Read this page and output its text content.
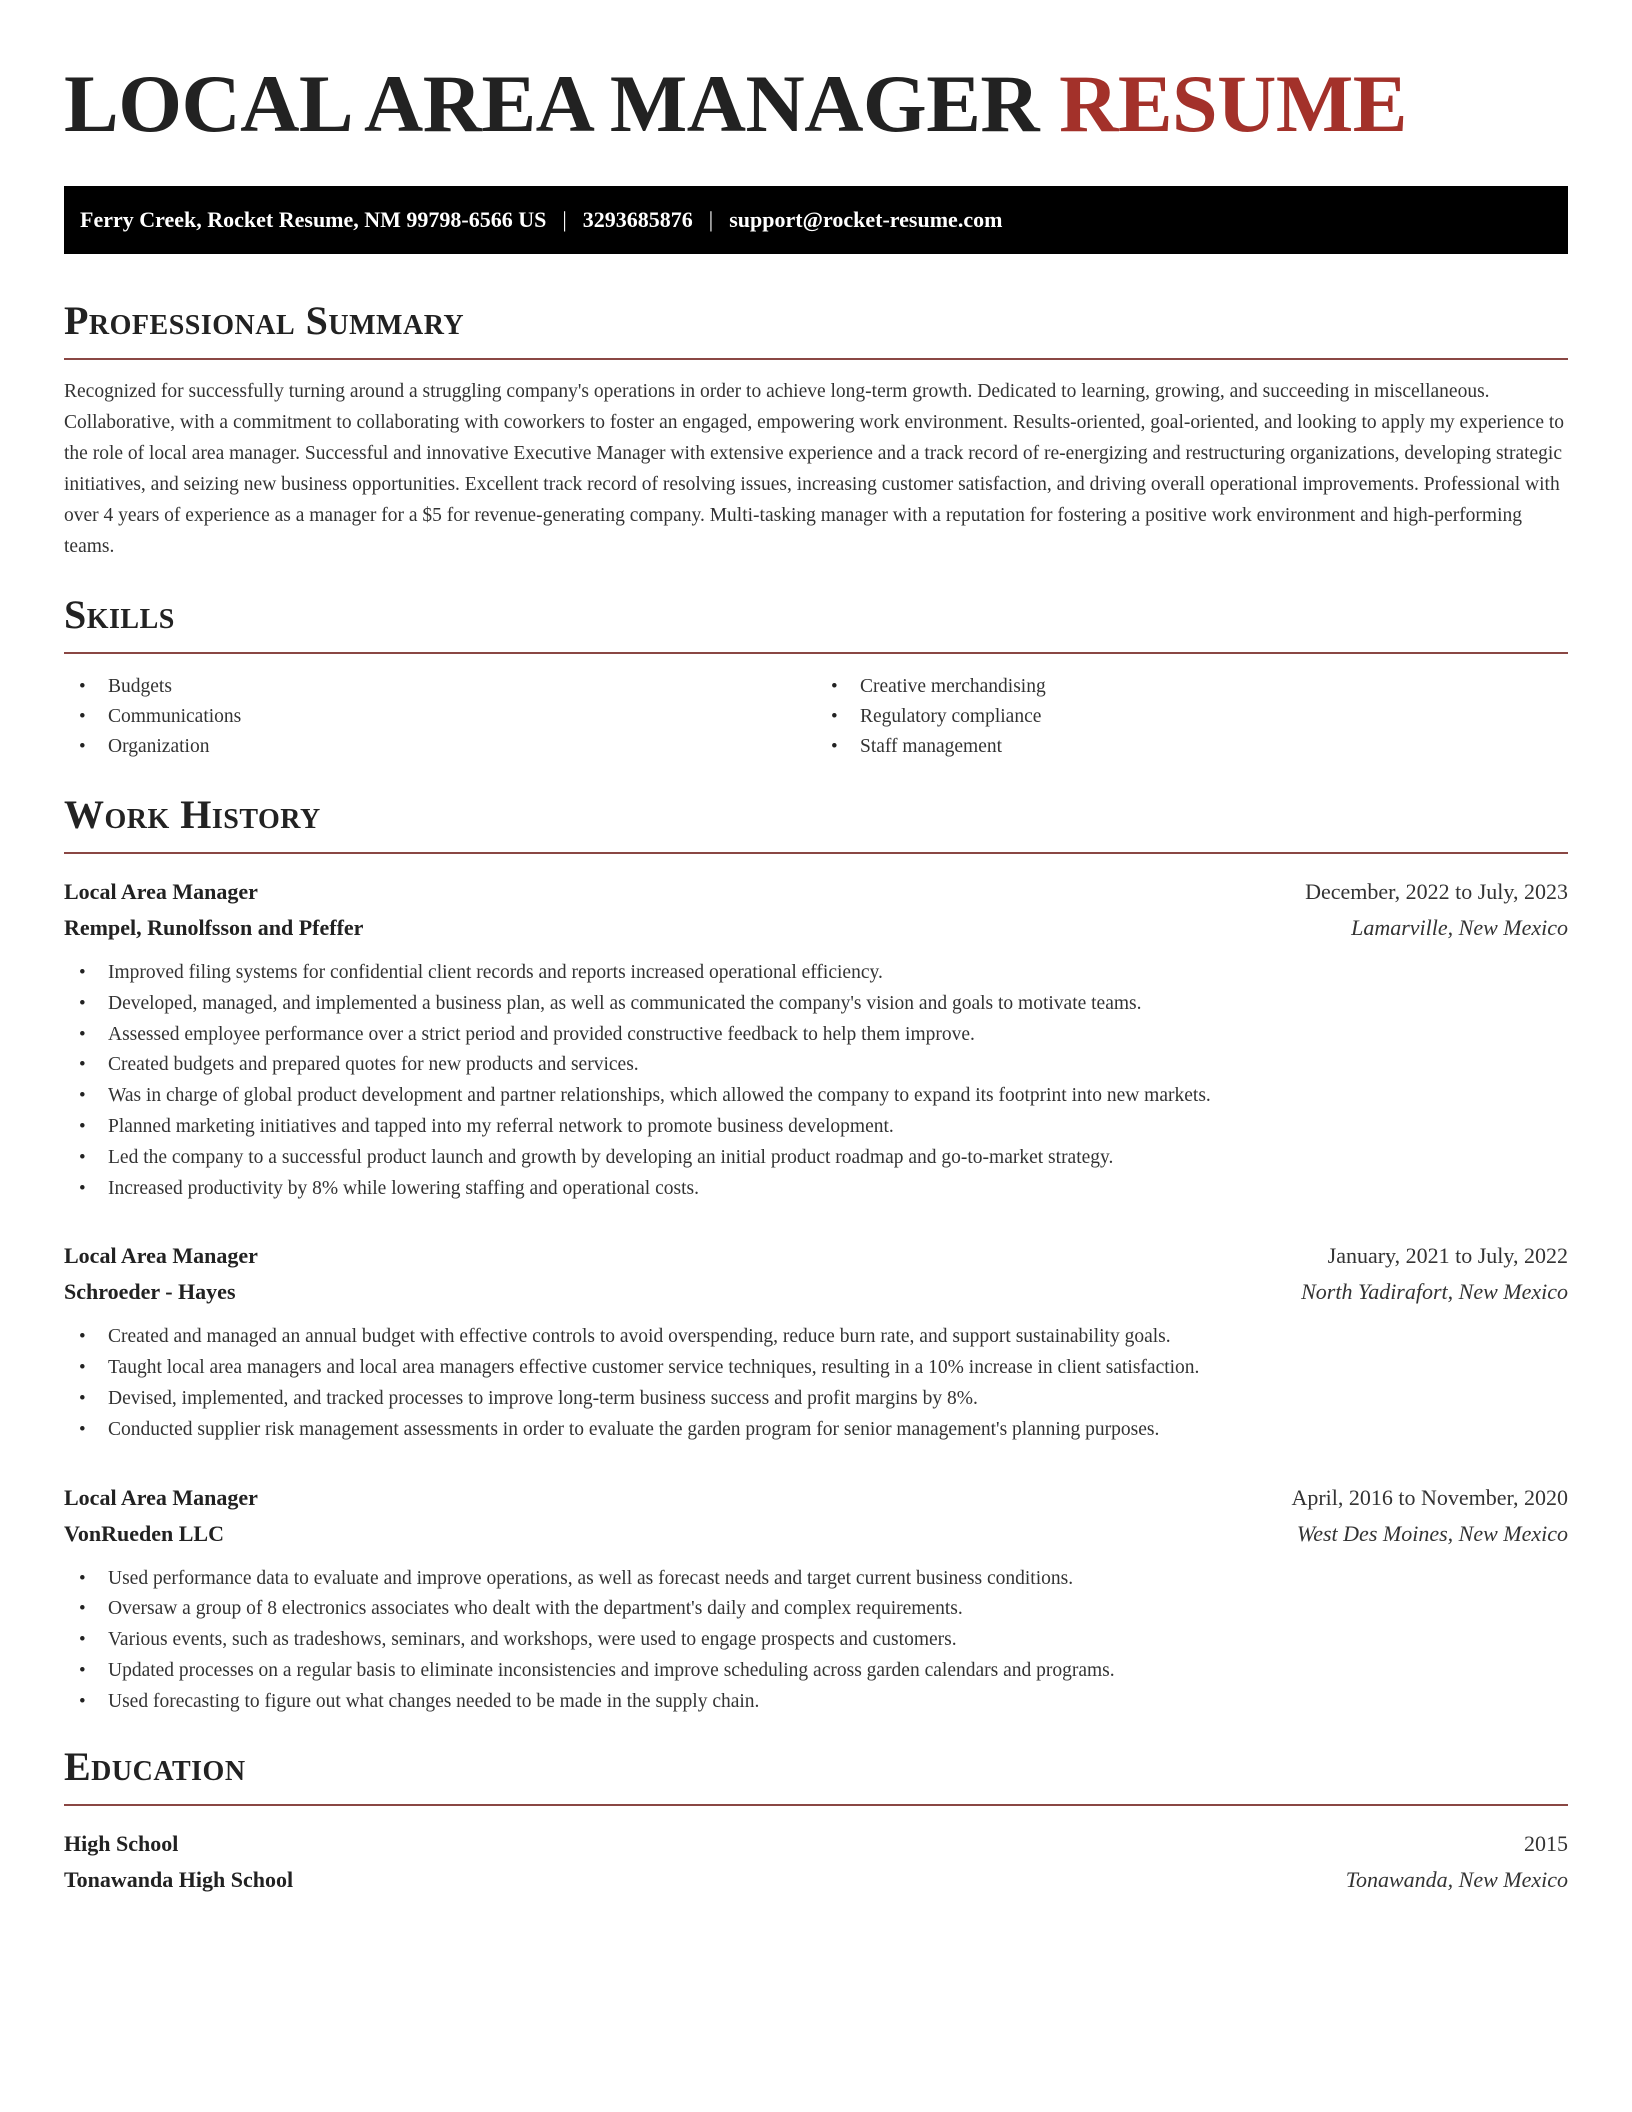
LOCAL AREA MANAGER RESUME
Ferry Creek, Rocket Resume, NM 99798-6566 US | 3293685876 | support@rocket-resume.com
Professional Summary

Recognized for successfully turning around a struggling company's operations in order to achieve long-term growth. Dedicated to learning, growing, and succeeding in miscellaneous. Collaborative, with a commitment to collaborating with coworkers to foster an engaged, empowering work environment. Results-oriented, goal-oriented, and looking to apply my experience to the role of local area manager. Successful and innovative Executive Manager with extensive experience and a track record of re-energizing and restructuring organizations, developing strategic initiatives, and seizing new business opportunities. Excellent track record of resolving issues, increasing customer satisfaction, and driving overall operational improvements. Professional with over 4 years of experience as a manager for a $5 for revenue-generating company. Multi-tasking manager with a reputation for fostering a positive work environment and high-performing teams.

Skills
• Budgets
• Communications
• Organization
• Creative merchandising
• Regulatory compliance
• Staff management
Work History
Local Area Manager	December, 2022 to July, 2023
Rempel, Runolfsson and Pfeffer	Lamarville, New Mexico
• Improved filing systems for confidential client records and reports increased operational efficiency.
• Developed, managed, and implemented a business plan, as well as communicated the company's vision and goals to motivate teams.
• Assessed employee performance over a strict period and provided constructive feedback to help them improve.
• Created budgets and prepared quotes for new products and services.
• Was in charge of global product development and partner relationships, which allowed the company to expand its footprint into new markets.
• Planned marketing initiatives and tapped into my referral network to promote business development.
• Led the company to a successful product launch and growth by developing an initial product roadmap and go-to-market strategy.
• Increased productivity by 8% while lowering staffing and operational costs.
Local Area Manager	January, 2021 to July, 2022
Schroeder - Hayes	North Yadirafort, New Mexico
• Created and managed an annual budget with effective controls to avoid overspending, reduce burn rate, and support sustainability goals.
• Taught local area managers and local area managers effective customer service techniques, resulting in a 10% increase in client satisfaction.
• Devised, implemented, and tracked processes to improve long-term business success and profit margins by 8%.
• Conducted supplier risk management assessments in order to evaluate the garden program for senior management's planning purposes.
Local Area Manager	April, 2016 to November, 2020
VonRueden LLC	West Des Moines, New Mexico
• Used performance data to evaluate and improve operations, as well as forecast needs and target current business conditions.
• Oversaw a group of 8 electronics associates who dealt with the department's daily and complex requirements.
• Various events, such as tradeshows, seminars, and workshops, were used to engage prospects and customers.
• Updated processes on a regular basis to eliminate inconsistencies and improve scheduling across garden calendars and programs.
• Used forecasting to figure out what changes needed to be made in the supply chain.
Education
High School	2015
Tonawanda High School	Tonawanda, New Mexico
